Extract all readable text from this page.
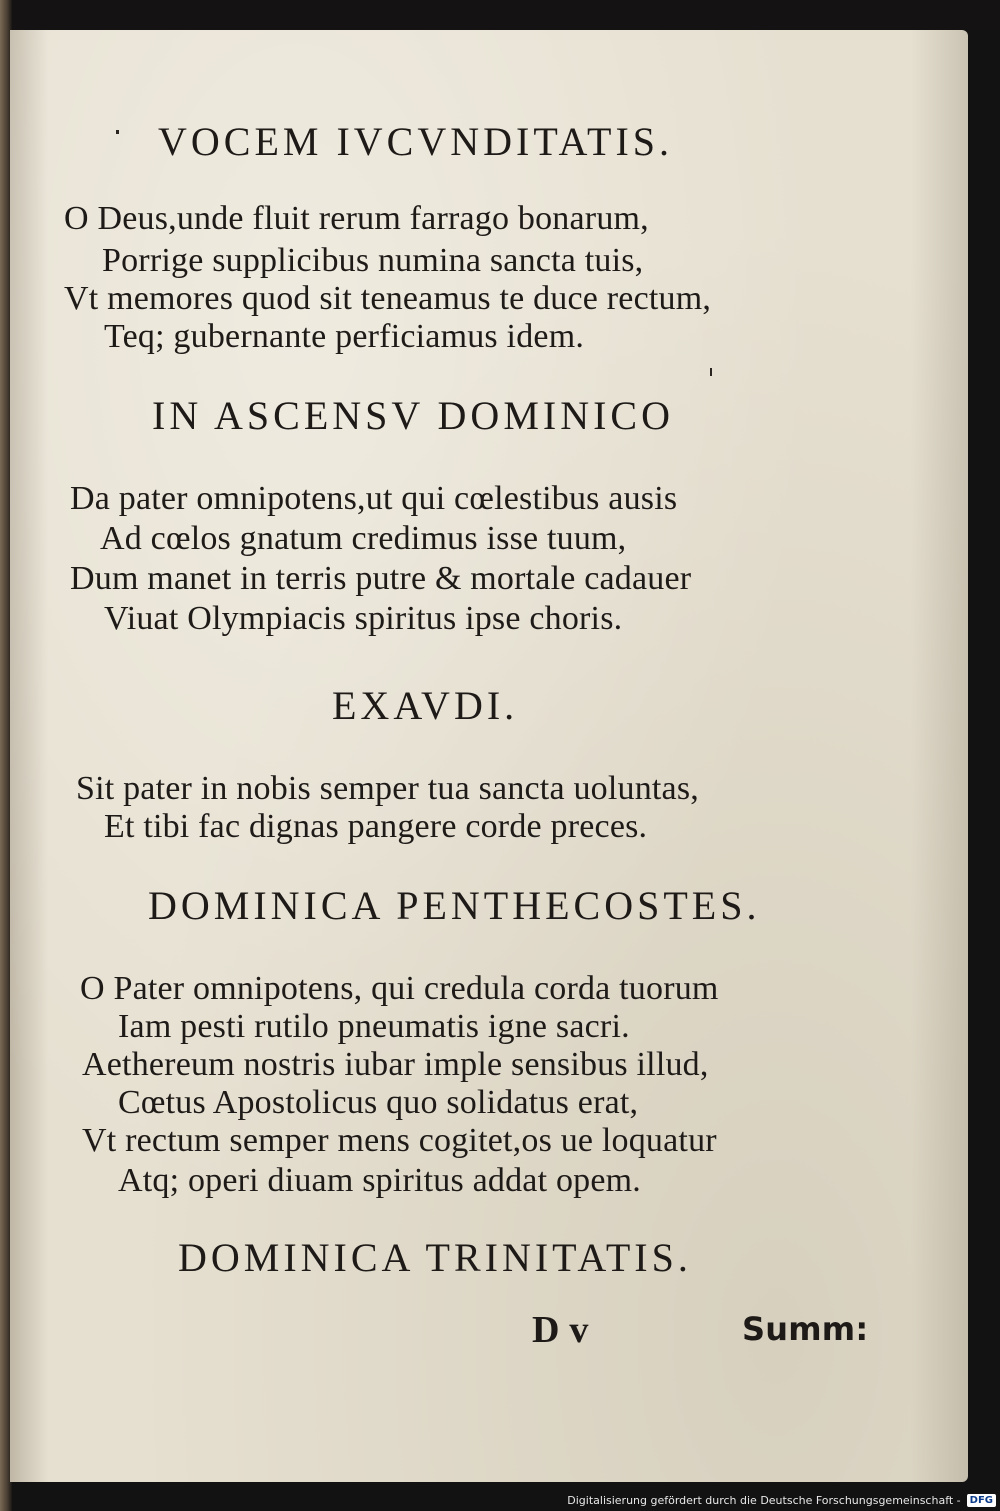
VOCEM IVCVNDITATIS.
O Deus,unde fluit rerum farrago bonarum,
Porrige supplicibus numina sancta tuis,
Vt memores quod sit teneamus te duce rectum,
Teq; gubernante perficiamus idem.
IN ASCENSV DOMINICO
Da pater omnipotens,ut qui cœlestibus ausis
Ad cœlos gnatum credimus isse tuum,
Dum manet in terris putre & mortale cadauer
Viuat Olympiacis spiritus ipse choris.
EXAVDI.
Sit pater in nobis semper tua sancta uoluntas,
Et tibi fac dignas pangere corde preces.
DOMINICA PENTHECOSTES.
O Pater omnipotens, qui credula corda tuorum
Iam pesti rutilo pneumatis igne sacri.
Aethereum nostris iubar imple sensibus illud,
Cœtus Apostolicus quo solidatus erat,
Vt rectum semper mens cogitet,os ue loquatur
Atq; operi diuam spiritus addat opem.
DOMINICA TRINITATIS.
D v	Summ:
Digitalisierung gefördert durch die Deutsche Forschungsgemeinschaft - DFG
